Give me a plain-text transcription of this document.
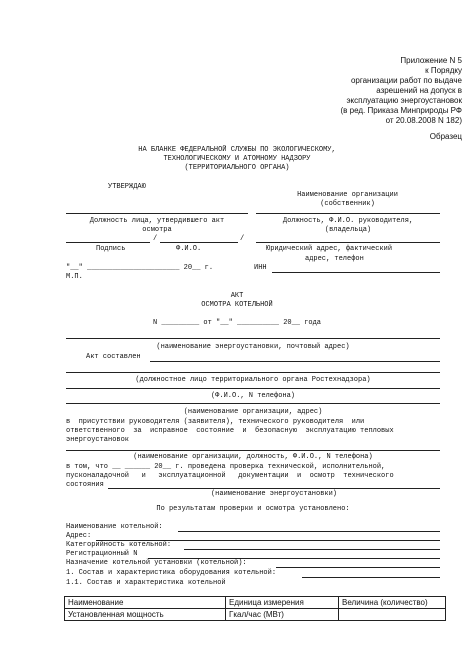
Приложение N 5
к Порядку
организации работ по выдаче
азрешений на допуск в
эксплуатацию энергоустановок
(в ред. Приказа Минприроды РФ
от 20.08.2008 N 182)
Образец
НА БЛАНКЕ ФЕДЕРАЛЬНОЙ СЛУЖБЫ ПО ЭКОЛОГИЧЕСКОМУ,
ТЕХНОЛОГИЧЕСКОМУ И АТОМНОМУ НАДЗОРУ
(ТЕРРИТОРИАЛЬНОГО ОРГАНА)
УТВЕРЖДАЮ
Наименование организации
(собственник)
Должность лица, утвердившего акт
осмотра
Должность, Ф.И.О. руководителя,
(владельца)
/	/
Подпись	Ф.И.О.	Юридический адрес, фактический
адрес, телефон
"__" ______________________ 20__ г.	ИНН
М.П.
АКТ
ОСМОТРА КОТЕЛЬНОЙ
N _________ от "__" __________ 20__ года
(наименование энергоустановки, почтовый адрес)
Акт составлен
(должностное лицо территориального органа Ростехнадзора)
(Ф.И.О., N телефона)
(наименование организации, адрес)
в  присутствии руководителя (заявителя), технического руководителя  или
ответственного  за  исправное  состояние  и  безопасную  эксплуатацию тепловых
энергоустановок
(наименование организации, должность, Ф.И.О., N телефона)
в том, что __ ______ 20__ г. проведена проверка технической, исполнительной,
пусконаладочной   и   эксплуатационной   документации  и  осмотр  технического
состояния
(наименование энергоустановки)
По результатам проверки и осмотра установлено:
Наименование котельной:
Адрес:
Категорийность котельной:
Регистрационный N
Назначение котельной установки (котельной):
1. Состав и характеристика оборудования котельной:
1.1. Состав и характеристика котельной
Наименование	Единица измерения	Величина (количество)
Установленная мощность	Гкал/час (МВт)	
